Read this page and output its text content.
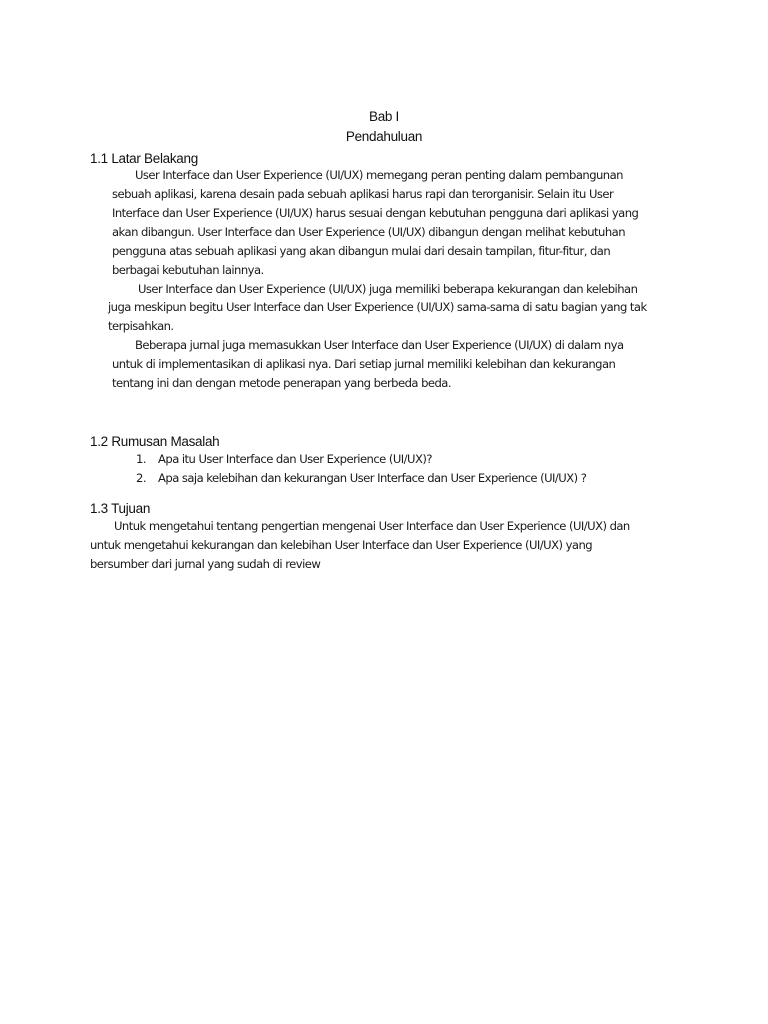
Bab I
Pendahuluan
1.1 Latar Belakang
User Interface dan User Experience (UI/UX) memegang peran penting dalam pembangunan
sebuah aplikasi, karena desain pada sebuah aplikasi harus rapi dan terorganisir. Selain itu User
Interface dan User Experience (UI/UX) harus sesuai dengan kebutuhan pengguna dari aplikasi yang
akan dibangun. User Interface dan User Experience (UI/UX) dibangun dengan melihat kebutuhan
pengguna atas sebuah aplikasi yang akan dibangun mulai dari desain tampilan, fitur-fitur, dan
berbagai kebutuhan lainnya.
User Interface dan User Experience (UI/UX) juga memiliki beberapa kekurangan dan kelebihan
juga meskipun begitu User Interface dan User Experience (UI/UX) sama-sama di satu bagian yang tak
terpisahkan.
Beberapa jurnal juga memasukkan User Interface dan User Experience (UI/UX) di dalam nya
untuk di implementasikan di aplikasi nya. Dari setiap jurnal memiliki kelebihan dan kekurangan
tentang ini dan dengan metode penerapan yang berbeda beda.
1.2 Rumusan Masalah
1. Apa itu User Interface dan User Experience (UI/UX)?
2. Apa saja kelebihan dan kekurangan User Interface dan User Experience (UI/UX) ?
1.3 Tujuan
Untuk mengetahui tentang pengertian mengenai User Interface dan User Experience (UI/UX) dan
untuk mengetahui kekurangan dan kelebihan User Interface dan User Experience (UI/UX) yang
bersumber dari jurnal yang sudah di review
